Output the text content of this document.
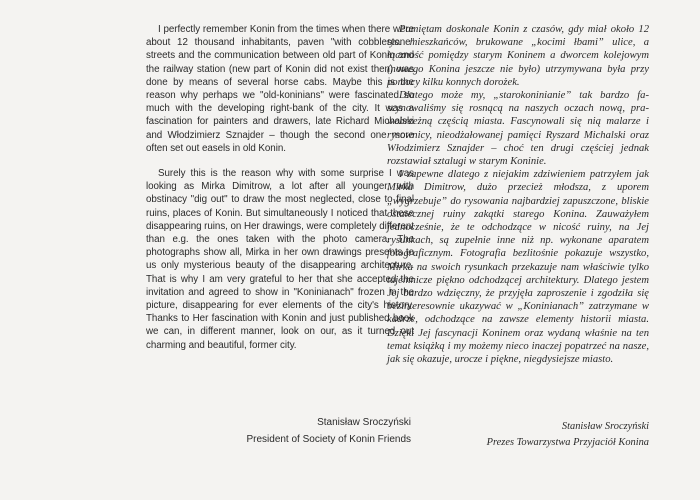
I perfectly remember Konin from the times when there were about 12 thousand inhabitants, paven "with cobblestone" streets and the communication between old part of Konin and the railway station (new part of Konin did not exist then) was done by means of several horse cabs. Maybe this is the reason why perhaps we "old-koninians" were fascinated so much with the developing right-bank of the city. It was a fascination for painters and drawers, late Richard Michalski and Włodzimierz Sznajder – though the second one more often set out easels in old Konin.

Surely this is the reason why with some surprise I was looking as Mirka Dimitrow, a lot after all younger, with obstinacy "dig out" to draw the most neglected, close to final ruins, places of Konin. But simultaneously I noticed that these disappearing ruins, on Her drawings, were completely different than e.g. the ones taken with the photo camera. The photographs show all, Mirka in her own drawings presents to us only mysterious beauty of the disappearing architecture. That is why I am very grateful to her that she accepted the invitation and agreed to show in "Koninianach" frozen in the picture, disappearing for ever elements of the city's history. Thanks to Her fascination with Konin and just published book we can, in different manner, look on our, as it turned out charming and beautiful, former city.

Pamiętam doskonale Konin z czasów, gdy miał około 12 tys. mieszkańców, brukowane „kocimi łbami” ulice, a łączność pomiędzy starym Koninem a dworcem kolejowym (nowego Konina jeszcze nie było) utrzymywana była przy pomocy kilku konnych dorożek.

Dlatego może my, „starokoninianie” tak bardzo fascynowaliśmy się rosnącą na naszych oczach nową, prawobrzeżną częścią miasta. Fascynowali się nią malarze i rysownicy, nieodżałowanej pamięci Ryszard Michalski oraz Włodzimierz Sznajder – choć ten drugi częściej jednak rozstawiał sztalugi w starym Koninie.

I zapewne dlatego z niejakim zdziwieniem patrzyłem jak Mirka Dimitrow, dużo przecież młodsza, z uporem „wygrzebuje” do rysowania najbardziej zapuszczone, bliskie ostatecznej ruiny zakątki starego Konina. Zauważyłem jednocześnie, że te odchodzące w nicość ruiny, na Jej rysunkach, są zupełnie inne niż np. wykonane aparatem fotograficznym. Fotografia bezlitośnie pokazuje wszystko, Mirka na swoich rysunkach przekazuje nam właściwie tylko tajemnicze piękno odchodzącej architektury. Dlatego jestem Jej bardzo wdzięczny, że przyjęła zaproszenie i zgodziła się bezinteresownie ukazywać w „Koninianach” zatrzymane w kadrze, odchodzące na zawsze elementy historii miasta. Dzięki Jej fascynacji Koninem oraz wydaną właśnie na ten temat książką i my możemy nieco inaczej popatrzeć na nasze, jak się okazuje, urocze i piękne, niegdysiejsze miasto.

Stanisław Sroczyński
President of Society of Konin Friends
Stanisław Sroczyński
Prezes Towarzystwa Przyjaciół Konina
